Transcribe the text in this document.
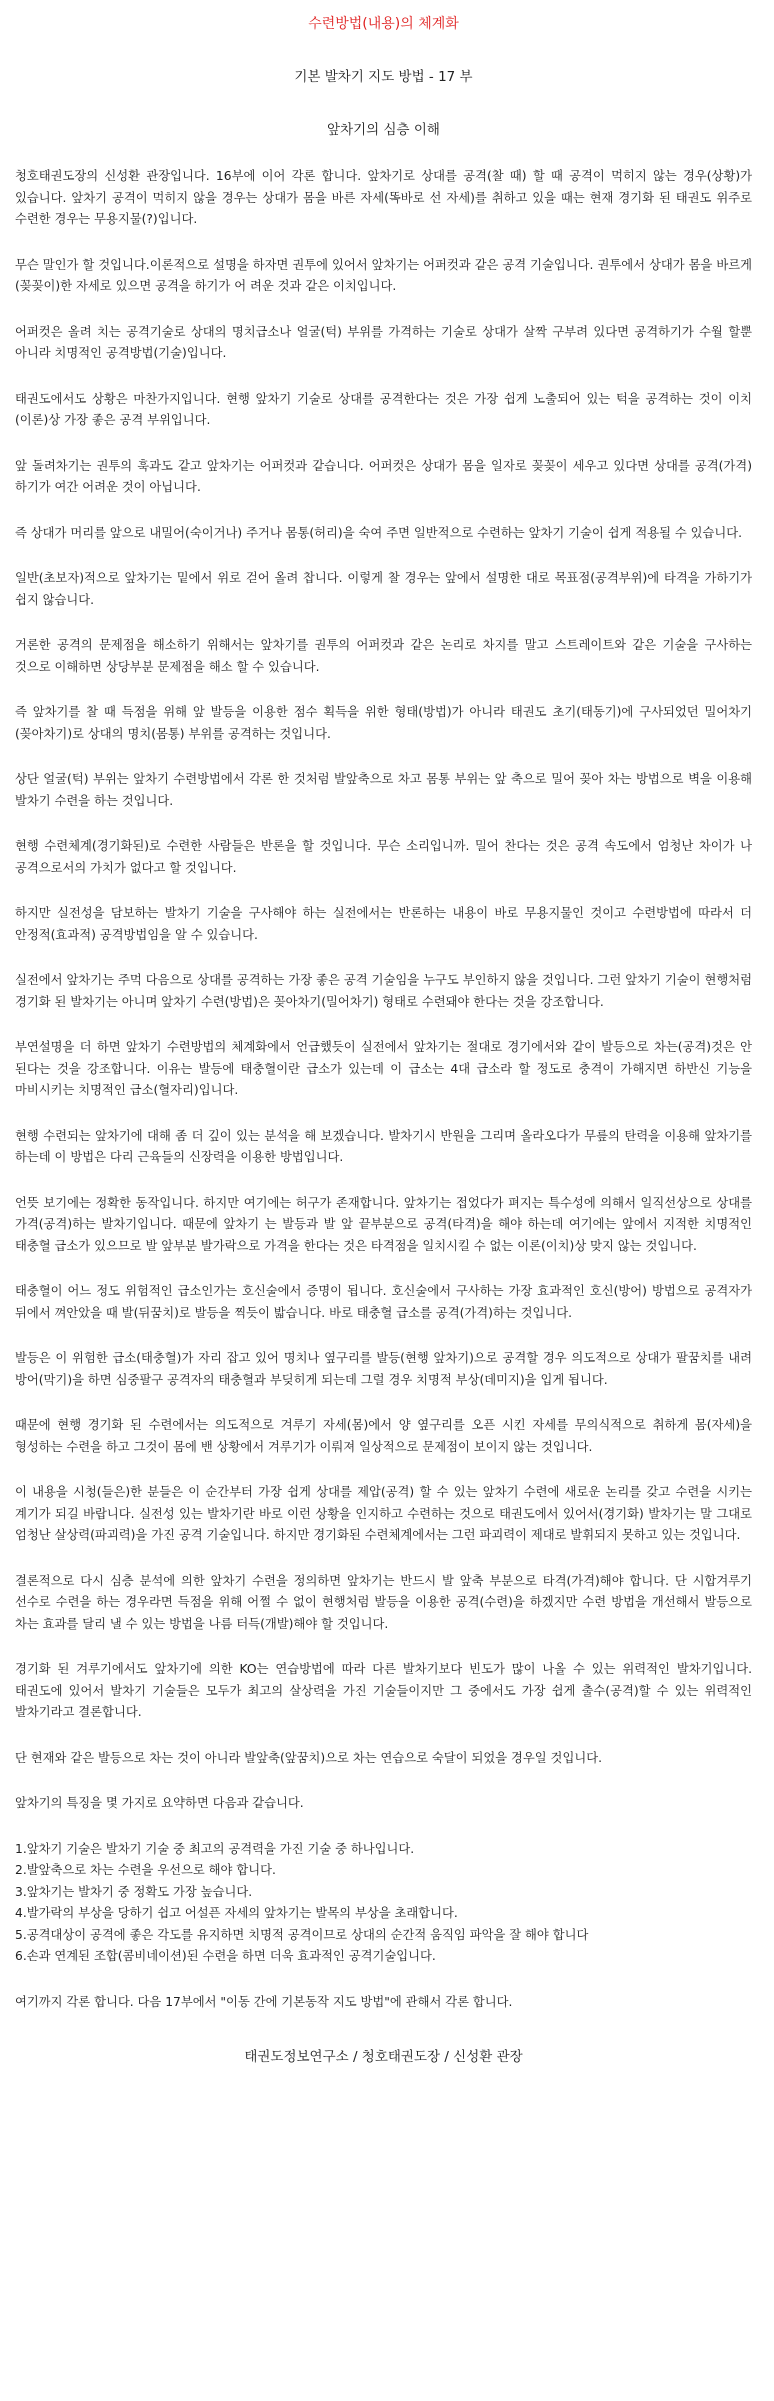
수련방법(내용)의 체계화
기본 발차기 지도 방법 - 17 부
앞차기의 심층 이해

청호태권도장의 신성환 관장입니다. 16부에 이어 각론 합니다. 앞차기로 상대를 공격(찰 때) 할 때 공격이 먹히지 않는 경우(상황)가 있습니다. 앞차기 공격이 먹히지 않을 경우는 상대가 몸을 바른 자세(똑바로 선 자세)를 취하고 있을 때는 현재 경기화 된 태권도 위주로 수련한 경우는 무용지물(?)입니다.

무슨 말인가 할 것입니다.이론적으로 설명을 하자면 권투에 있어서 앞차기는 어퍼컷과 같은 공격 기술입니다. 권투에서 상대가 몸을 바르게(꽂꽂이)한 자세로 있으면 공격을 하기가 어 려운 것과 같은 이치입니다.

어퍼컷은 올려 치는 공격기술로 상대의 명치급소나 얼굴(턱) 부위를 가격하는 기술로 상대가 살짝 구부려 있다면 공격하기가 수월 할뿐 아니라 치명적인 공격방법(기술)입니다.

태권도에서도 상황은 마찬가지입니다. 현행 앞차기 기술로 상대를 공격한다는 것은 가장 쉽게 노출되어 있는 턱을 공격하는 것이 이치(이론)상 가장 좋은 공격 부위입니다.

앞 돌려차기는 권투의 훅과도 같고 앞차기는 어퍼컷과 같습니다. 어퍼컷은 상대가 몸을 일자로 꽂꽂이 세우고 있다면 상대를 공격(가격)하기가 여간 어려운 것이 아닙니다.

즉 상대가 머리를 앞으로 내밀어(숙이거나) 주거나 몸통(허리)을 숙여 주면 일반적으로 수련하는 앞차기 기술이 쉽게 적용될 수 있습니다.

일반(초보자)적으로 앞차기는 밑에서 위로 걷어 올려 찹니다. 이렇게 찰 경우는 앞에서 설명한 대로 목표점(공격부위)에 타격을 가하기가 쉽지 않습니다.

거론한 공격의 문제점을 해소하기 위해서는 앞차기를 권투의 어퍼컷과 같은 논리로 차지를 말고 스트레이트와 같은 기술을 구사하는 것으로 이해하면 상당부분 문제점을 해소 할 수 있습니다.

즉 앞차기를 찰 때 득점을 위해 앞 발등을 이용한 점수 획득을 위한 형태(방법)가 아니라 태권도 초기(태동기)에 구사되었던 밀어차기(꽂아차기)로 상대의 명치(몸통) 부위를 공격하는 것입니다.

상단 얼굴(턱) 부위는 앞차기 수련방법에서 각론 한 것처럼 발앞축으로 차고 몸통 부위는 앞 축으로 밀어 꽂아 차는 방법으로 벽을 이용해 발차기 수련을 하는 것입니다.

현행 수련체계(경기화된)로 수련한 사람들은 반론을 할 것입니다. 무슨 소리입니까. 밀어 찬다는 것은 공격 속도에서 엄청난 차이가 나 공격으로서의 가치가 없다고 할 것입니다.

하지만 실전성을 담보하는 발차기 기술을 구사해야 하는 실전에서는 반론하는 내용이 바로 무용지물인 것이고 수련방법에 따라서 더 안정적(효과적) 공격방법임을 알 수 있습니다.

실전에서 앞차기는 주먹 다음으로 상대를 공격하는 가장 좋은 공격 기술임을 누구도 부인하지 않을 것입니다. 그런 앞차기 기술이 현행처럼 경기화 된 발차기는 아니며 앞차기 수련(방법)은 꽂아차기(밀어차기) 형태로 수련돼야 한다는 것을 강조합니다.

부연설명을 더 하면 앞차기 수련방법의 체계화에서 언급했듯이 실전에서 앞차기는 절대로 경기에서와 같이 발등으로 차는(공격)것은 안 된다는 것을 강조합니다. 이유는 발등에 태충혈이란 급소가 있는데 이 급소는 4대 급소라 할 정도로 충격이 가해지면 하반신 기능을 마비시키는 치명적인 급소(혈자리)입니다.

현행 수련되는 앞차기에 대해 좀 더 깊이 있는 분석을 해 보겠습니다. 발차기시 반원을 그리며 올라오다가 무릎의 탄력을 이용해 앞차기를 하는데 이 방법은 다리 근육들의 신장력을 이용한 방법입니다.

언뜻 보기에는 정확한 동작입니다. 하지만 여기에는 허구가 존재합니다. 앞차기는 접었다가 펴지는 특수성에 의해서 일직선상으로 상대를 가격(공격)하는 발차기입니다. 때문에 앞차기 는 발등과 발 앞 끝부분으로 공격(타격)을 해야 하는데 여기에는 앞에서 지적한 치명적인 태충혈 급소가 있으므로 발 앞부분 발가락으로 가격을 한다는 것은 타격점을 일치시킬 수 없는 이론(이치)상 맞지 않는 것입니다.

태충혈이 어느 정도 위험적인 급소인가는 호신술에서 증명이 됩니다. 호신술에서 구사하는 가장 효과적인 호신(방어) 방법으로 공격자가 뒤에서 껴안았을 때 발(뒤꿈치)로 발등을 찍듯이 밟습니다. 바로 태충혈 급소를 공격(가격)하는 것입니다.

발등은 이 위험한 급소(태충혈)가 자리 잡고 있어 명치나 옆구리를 발등(현행 앞차기)으로 공격할 경우 의도적으로 상대가 팔꿈치를 내려 방어(막기)을 하면 심중팔구 공격자의 태충혈과 부딪히게 되는데 그럴 경우 치명적 부상(데미지)을 입게 됩니다.

때문에 현행 경기화 된 수련에서는 의도적으로 겨루기 자세(몸)에서 양 옆구리를 오픈 시킨 자세를 무의식적으로 취하게 몸(자세)을 형성하는 수련을 하고 그것이 몸에 밴 상황에서 겨루기가 이뤄져 일상적으로 문제점이 보이지 않는 것입니다.

이 내용을 시청(들은)한 분들은 이 순간부터 가장 쉽게 상대를 제압(공격) 할 수 있는 앞차기 수련에 새로운 논리를 갖고 수련을 시키는 계기가 되길 바랍니다. 실전성 있는 발차기란 바로 이런 상황을 인지하고 수련하는 것으로 태권도에서 있어서(경기화) 발차기는 말 그대로 엄청난 살상력(파괴력)을 가진 공격 기술입니다. 하지만 경기화된 수련체계에서는 그런 파괴력이 제대로 발휘되지 못하고 있는 것입니다.

결론적으로 다시 심층 분석에 의한 앞차기 수련을 정의하면 앞차기는 반드시 발 앞축 부분으로 타격(가격)해야 합니다. 단 시합겨루기 선수로 수련을 하는 경우라면 득점을 위해 어쩔 수 없이 현행처럼 발등을 이용한 공격(수련)을 하겠지만 수련 방법을 개선해서 발등으로 차는 효과를 달리 낼 수 있는 방법을 나름 터득(개발)해야 할 것입니다.

경기화 된 겨루기에서도 앞차기에 의한 KO는 연습방법에 따라 다른 발차기보다 빈도가 많이 나올 수 있는 위력적인 발차기입니다. 태권도에 있어서 발차기 기술들은 모두가 최고의 살상력을 가진 기술들이지만 그 중에서도 가장 쉽게 출수(공격)할 수 있는 위력적인 발차기라고 결론합니다.

단 현재와 같은 발등으로 차는 것이 아니라 발앞축(앞꿈치)으로 차는 연습으로 숙달이 되었을 경우일 것입니다.

앞차기의 특징을 몇 가지로 요약하면 다음과 같습니다.

1.앞차기 기술은 발차기 기술 중 최고의 공격력을 가진 기술 중 하나입니다.
2.발앞축으로 차는 수련을 우선으로 해야 합니다.
3.앞차기는 발차기 중 정확도 가장 높습니다.
4.발가락의 부상을 당하기 쉽고 어설픈 자세의 앞차기는 발목의 부상을 초래합니다.
5.공격대상이 공격에 좋은 각도를 유지하면 치명적 공격이므로 상대의 순간적 움직임 파악을 잘 해야 합니다
6.손과 연계된 조합(콤비네이션)된 수련을 하면 더욱 효과적인 공격기술입니다.

여기까지 각론 합니다. 다음 17부에서 "이동 간에 기본동작 지도 방법"에 관해서 각론 합니다.

태권도정보연구소 / 청호태권도장 / 신성환 관장
